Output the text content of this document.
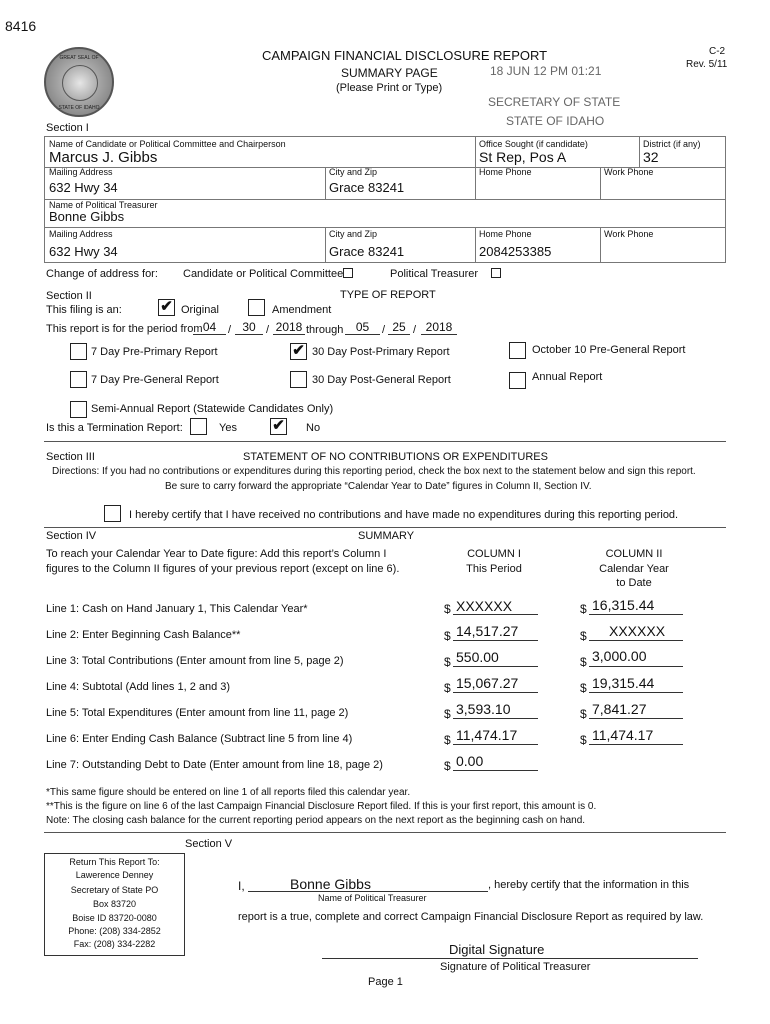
8416
GREAT SEAL OF
STATE OF IDAHO
CAMPAIGN FINANCIAL DISCLOSURE REPORT
SUMMARY PAGE
(Please Print or Type)
C-2
Rev. 5/11
18 JUN 12 PM 01:21
SECRETARY OF STATE
STATE OF IDAHO
Section I
Name of Candidate or Political Committee and Chairperson
Marcus J. Gibbs
Office Sought (if candidate)
St Rep, Pos A
District (if any)
32
Mailing Address
632 Hwy 34
City and Zip
Grace 83241
Home Phone	Work Phone
Name of Political Treasurer
Bonne Gibbs
Mailing Address
632 Hwy 34
City and Zip
Grace 83241
Home Phone
2084253385
Work Phone
Change of address for: Candidate or Political Committee	Political Treasurer
Section II	TYPE OF REPORT
This filing is an:	✔ Original	Amendment
This report is for the period from 04	/ 30 / 2018 through	05	/ 25 / 2018
7 Day Pre-Primary Report	✔ 30 Day Post-Primary Report	October 10 Pre-General Report
7 Day Pre-General Report	30 Day Post-General Report	Annual Report
Semi-Annual Report (Statewide Candidates Only)
Is this a Termination Report:	Yes ✔ No
Section III	STATEMENT OF NO CONTRIBUTIONS OR EXPENDITURES
Directions: If you had no contributions or expenditures during this reporting period, check the box next to the statement below and sign this report.
Be sure to carry forward the appropriate “Calendar Year to Date” figures in Column II, Section IV.
I hereby certify that I have received no contributions and have made no expenditures during this reporting period.
Section IV	SUMMARY
To reach your Calendar Year to Date figure: Add this report’s Column I
figures to the Column II figures of your previous report (except on line 6).
COLUMN I
This Period
COLUMN II
Calendar Year
to Date
Line 1: Cash on Hand January 1, This Calendar Year*	$ XXXXXX	$ 16,315.44
Line 2: Enter Beginning Cash Balance**	$ 14,517.27	$ XXXXXX
Line 3: Total Contributions (Enter amount from line 5, page 2)	$ 550.00	$ 3,000.00
Line 4: Subtotal (Add lines 1, 2 and 3)	$ 15,067.27	$ 19,315.44
Line 5: Total Expenditures (Enter amount from line 11, page 2)	$ 3,593.10	$ 7,841.27
Line 6: Enter Ending Cash Balance (Subtract line 5 from line 4)	$ 11,474.17	$ 11,474.17
Line 7: Outstanding Debt to Date (Enter amount from line 18, page 2)	$ 0.00
*This same figure should be entered on line 1 of all reports filed this calendar year.
**This is the figure on line 6 of the last Campaign Financial Disclosure Report filed. If this is your first report, this amount is 0.
Note: The closing cash balance for the current reporting period appears on the next report as the beginning cash on hand.
Section V
Return This Report To:
Lawerence Denney
Secretary of State PO
Box 83720
Boise ID 83720-0080
Phone: (208) 334-2852
Fax: (208) 334-2282
I,	Bonne Gibbs	, hereby certify that the information in this
Name of Political Treasurer
report is a true, complete and correct Campaign Financial Disclosure Report as required by law.
Digital Signature
Signature of Political Treasurer
Page 1
